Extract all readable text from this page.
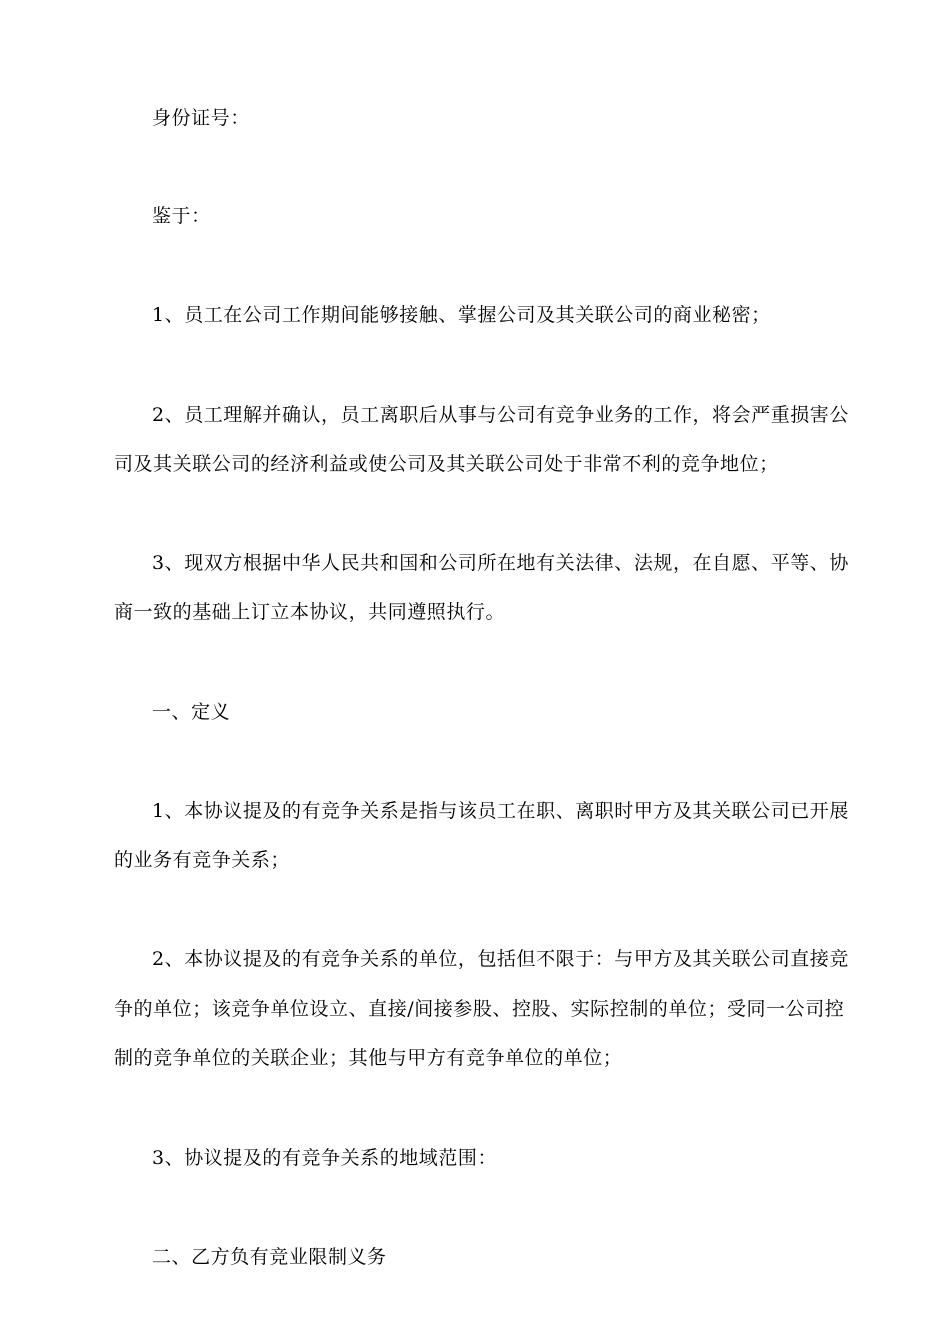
身份证号：
鉴于：
1、员工在公司工作期间能够接触、掌握公司及其关联公司的商业秘密；
2、员工理解并确认，员工离职后从事与公司有竞争业务的工作，将会严重损害公
司及其关联公司的经济利益或使公司及其关联公司处于非常不利的竞争地位；
3、现双方根据中华人民共和国和公司所在地有关法律、法规，在自愿、平等、协
商一致的基础上订立本协议，共同遵照执行。
一、定义
1、本协议提及的有竞争关系是指与该员工在职、离职时甲方及其关联公司已开展
的业务有竞争关系；
2、本协议提及的有竞争关系的单位，包括但不限于：与甲方及其关联公司直接竞
争的单位；该竞争单位设立、直接/间接参股、控股、实际控制的单位；受同一公司控
制的竞争单位的关联企业；其他与甲方有竞争单位的单位；
3、协议提及的有竞争关系的地域范围：
二、乙方负有竞业限制义务
